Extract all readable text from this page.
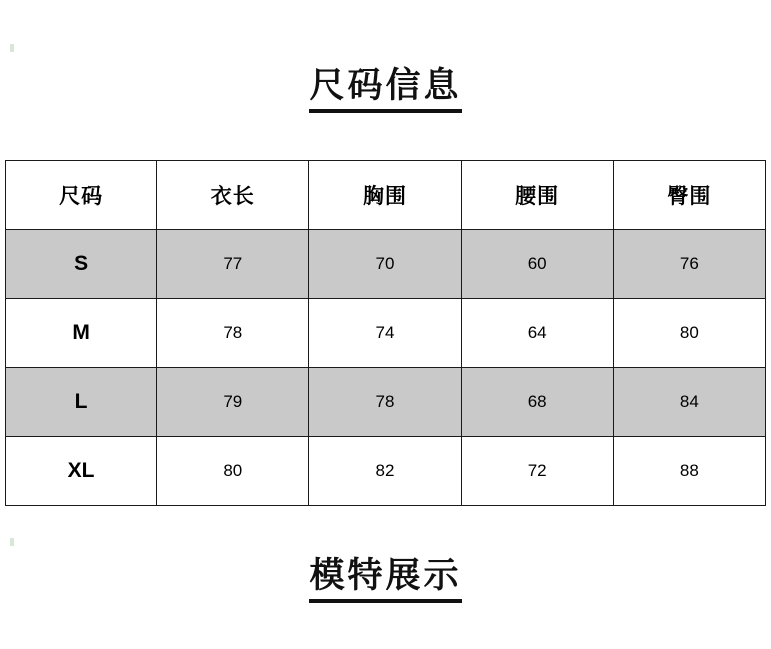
尺码信息
尺码	衣长	胸围	腰围	臀围
S	77	70	60	76
M	78	74	64	80
L	79	78	68	84
XL	80	82	72	88
模特展示
